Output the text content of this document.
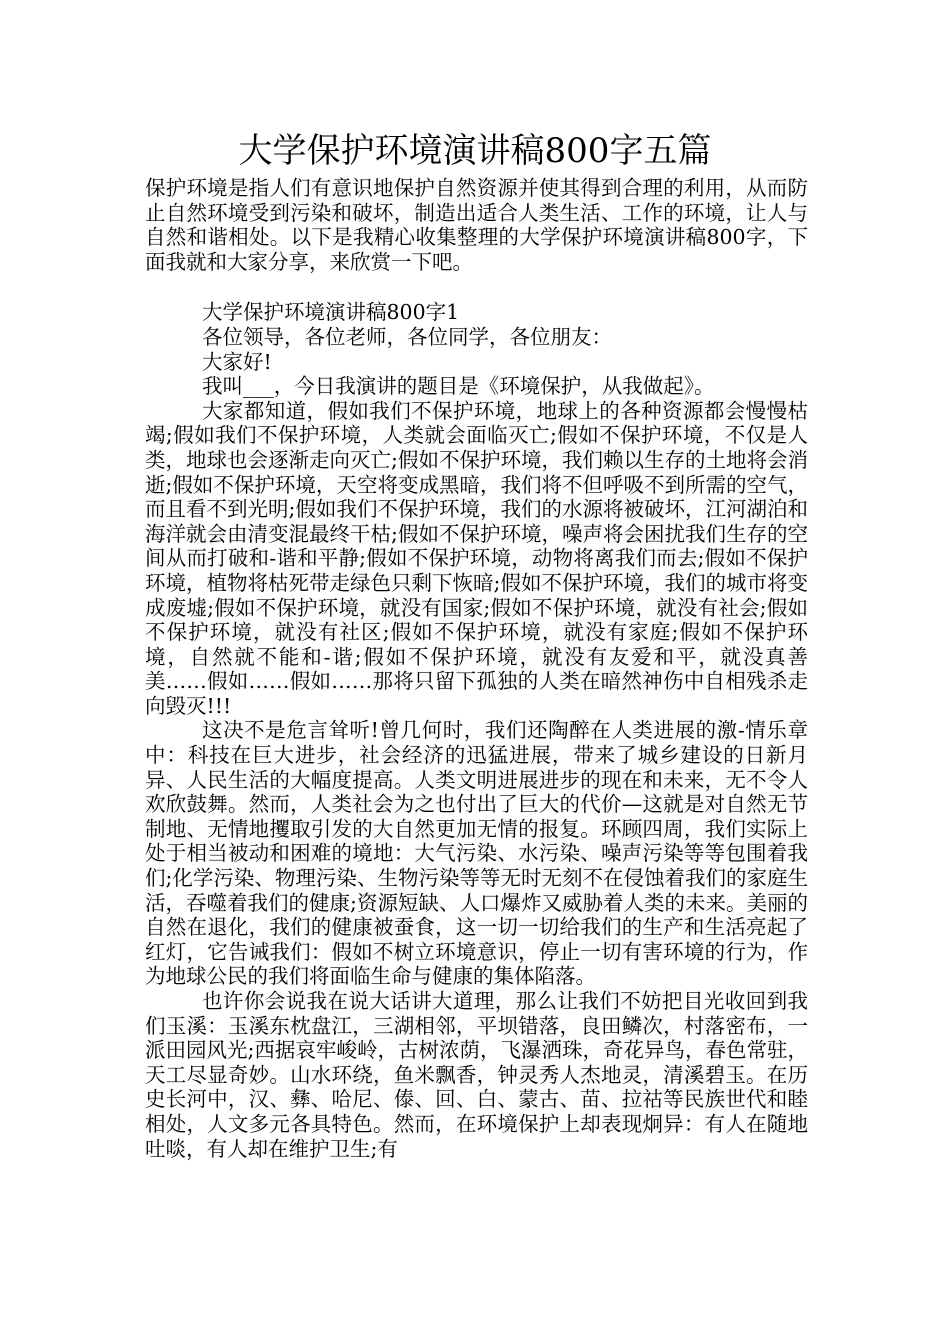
大学保护环境演讲稿800字五篇

保护环境是指人们有意识地保护自然资源并使其得到合理的利用，从而防止自然环境受到污染和破坏，制造出适合人类生活、工作的环境，让人与自然和谐相处。以下是我精心收集整理的大学保护环境演讲稿800字，下面我就和大家分享，来欣赏一下吧。

大学保护环境演讲稿800字1

各位领导，各位老师，各位同学，各位朋友：

大家好!

我叫___，今日我演讲的题目是《环境保护，从我做起》。

大家都知道，假如我们不保护环境，地球上的各种资源都会慢慢枯竭;假如我们不保护环境，人类就会面临灭亡;假如不保护环境，不仅是人类，地球也会逐渐走向灭亡;假如不保护环境，我们赖以生存的土地将会消逝;假如不保护环境，天空将变成黑暗，我们将不但呼吸不到所需的空气，而且看不到光明;假如我们不保护环境，我们的水源将被破坏，江河湖泊和海洋就会由清变混最终干枯;假如不保护环境，噪声将会困扰我们生存的空间从而打破和-谐和平静;假如不保护环境，动物将离我们而去;假如不保护环境，植物将枯死带走绿色只剩下恢暗;假如不保护环境，我们的城市将变成废墟;假如不保护环境，就没有国家;假如不保护环境，就没有社会;假如不保护环境，就没有社区;假如不保护环境，就没有家庭;假如不保护环境，自然就不能和-谐;假如不保护环境，就没有友爱和平，就没真善美……假如……假如……那将只留下孤独的人类在暗然神伤中自相残杀走向毁灭!!!

这决不是危言耸听!曾几何时，我们还陶醉在人类进展的激-情乐章中：科技在巨大进步，社会经济的迅猛进展，带来了城乡建设的日新月异、人民生活的大幅度提高。人类文明进展进步的现在和未来，无不令人欢欣鼓舞。然而，人类社会为之也付出了巨大的代价—这就是对自然无节制地、无情地攫取引发的大自然更加无情的报复。环顾四周，我们实际上处于相当被动和困难的境地：大气污染、水污染、噪声污染等等包围着我们;化学污染、物理污染、生物污染等等无时无刻不在侵蚀着我们的家庭生活，吞噬着我们的健康;资源短缺、人口爆炸又威胁着人类的未来。美丽的自然在退化，我们的健康被蚕食，这一切一切给我们的生产和生活亮起了红灯，它告诫我们：假如不树立环境意识，停止一切有害环境的行为，作为地球公民的我们将面临生命与健康的集体陷落。

也许你会说我在说大话讲大道理，那么让我们不妨把目光收回到我们玉溪：玉溪东枕盘江，三湖相邻，平坝错落，良田鳞次，村落密布，一派田园风光;西据哀牢峻岭，古树浓荫，飞瀑洒珠，奇花异鸟，春色常驻，天工尽显奇妙。山水环绕，鱼米飘香，钟灵秀人杰地灵，清溪碧玉。在历史长河中，汉、彝、哈尼、傣、回、白、蒙古、苗、拉祜等民族世代和睦相处，人文多元各具特色。然而，在环境保护上却表现炯异：有人在随地吐啖，有人却在维护卫生;有
